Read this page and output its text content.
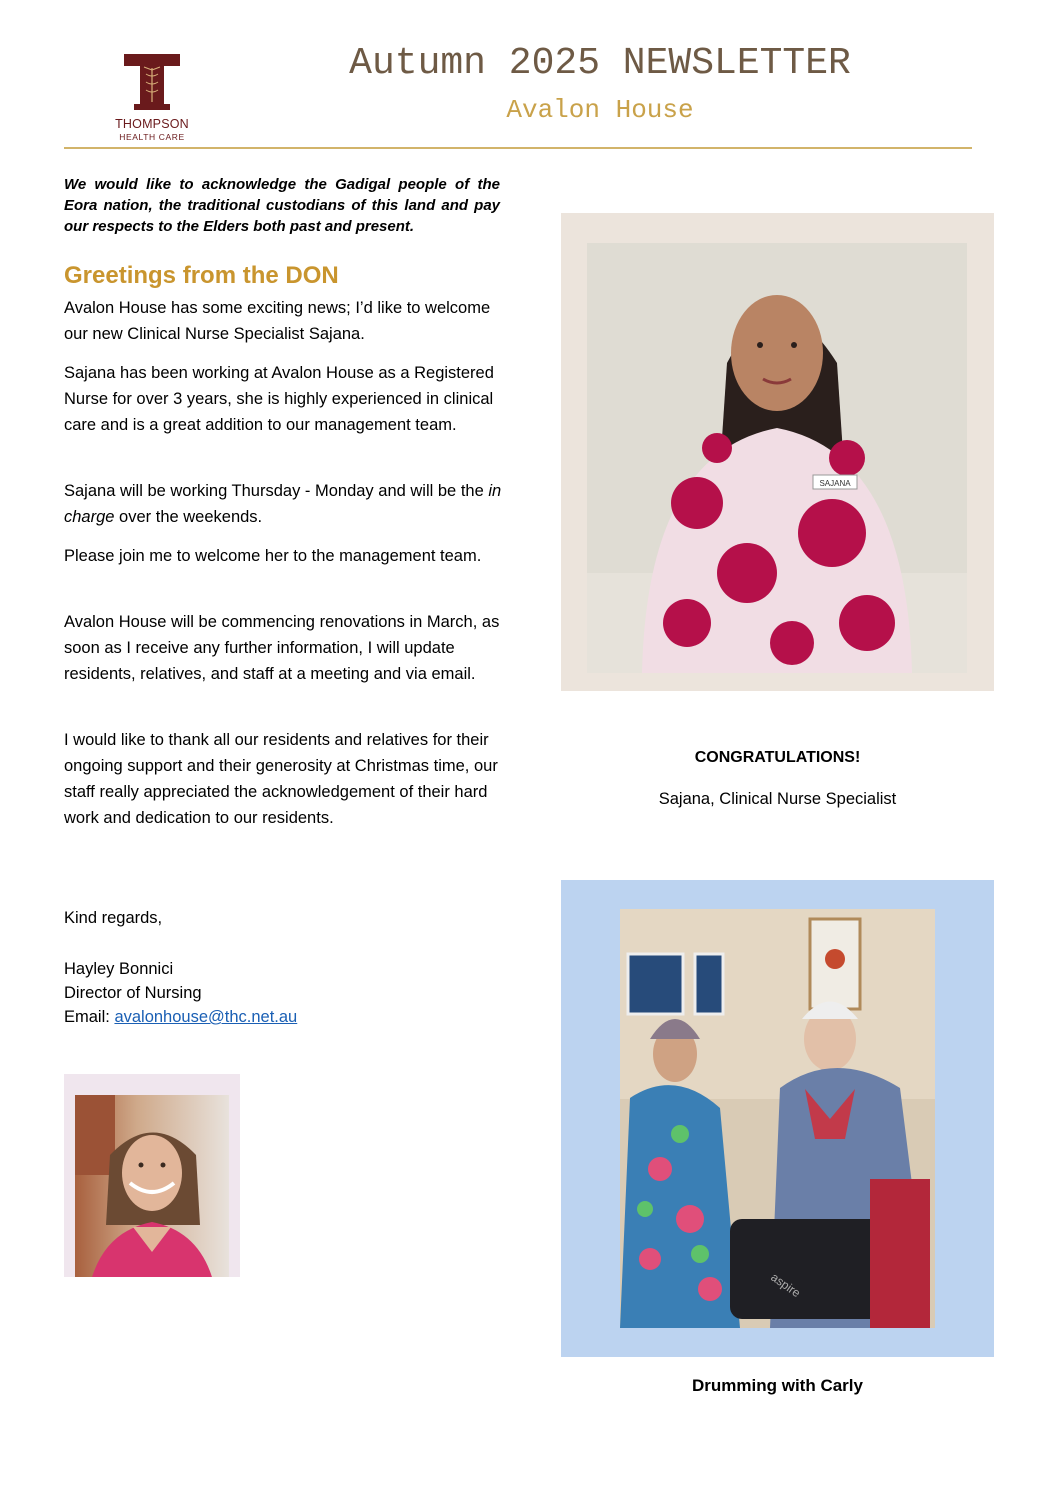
THOMPSON
HEALTH CARE
Autumn 2025 NEWSLETTER
Avalon House
We would like to acknowledge the Gadigal people of the Eora nation, the traditional custodians of this land and pay our respects to the Elders both past and present.
Greetings from the DON
Avalon House has some exciting news; I’d like to welcome our new Clinical Nurse Specialist Sajana.
Sajana has been working at Avalon House as a Registered Nurse for over 3 years, she is highly experienced in clinical care and is a great addition to our management team.
Sajana will be working Thursday - Monday and will be the in charge over the weekends.
Please join me to welcome her to the management team.
Avalon House will be commencing renovations in March, as soon as I receive any further information, I will update residents, relatives, and staff at a meeting and via email.
I would like to thank all our residents and relatives for their ongoing support and their generosity at Christmas time, our staff really appreciated the acknowledgement of their hard work and dedication to our residents.
Kind regards,
Hayley Bonnici
Director of Nursing
Email: avalonhouse@thc.net.au
SAJANA
CONGRATULATIONS!
Sajana, Clinical Nurse Specialist
aspire
Drumming with Carly
